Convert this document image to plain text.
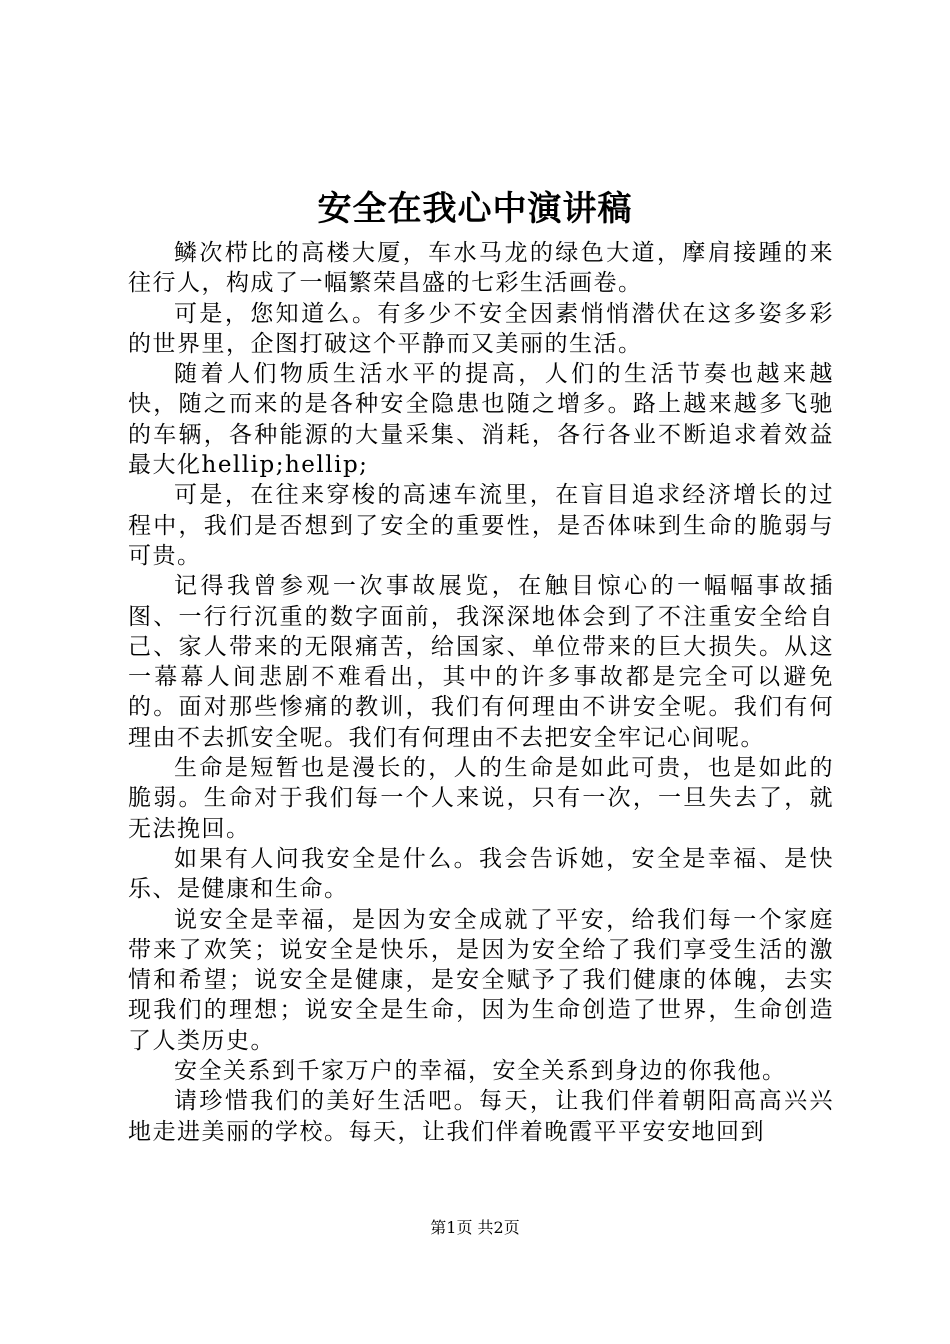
安全在我心中演讲稿

鳞次栉比的高楼大厦，车水马龙的绿色大道，摩肩接踵的来往行人，构成了一幅繁荣昌盛的七彩生活画卷。

可是，您知道么。有多少不安全因素悄悄潜伏在这多姿多彩的世界里，企图打破这个平静而又美丽的生活。

随着人们物质生活水平的提高，人们的生活节奏也越来越快，随之而来的是各种安全隐患也随之增多。路上越来越多飞驰的车辆，各种能源的大量采集、消耗，各行各业不断追求着效益最大化hellip;hellip;

可是，在往来穿梭的高速车流里，在盲目追求经济增长的过程中，我们是否想到了安全的重要性，是否体味到生命的脆弱与可贵。

记得我曾参观一次事故展览，在触目惊心的一幅幅事故插图、一行行沉重的数字面前，我深深地体会到了不注重安全给自己、家人带来的无限痛苦，给国家、单位带来的巨大损失。从这一幕幕人间悲剧不难看出，其中的许多事故都是完全可以避免的。面对那些惨痛的教训，我们有何理由不讲安全呢。我们有何理由不去抓安全呢。我们有何理由不去把安全牢记心间呢。

生命是短暂也是漫长的，人的生命是如此可贵，也是如此的脆弱。生命对于我们每一个人来说，只有一次，一旦失去了，就无法挽回。

如果有人问我安全是什么。我会告诉她，安全是幸福、是快乐、是健康和生命。

说安全是幸福，是因为安全成就了平安，给我们每一个家庭带来了欢笑；说安全是快乐，是因为安全给了我们享受生活的激情和希望；说安全是健康，是安全赋予了我们健康的体魄，去实现我们的理想；说安全是生命，因为生命创造了世界，生命创造了人类历史。

安全关系到千家万户的幸福，安全关系到身边的你我他。

请珍惜我们的美好生活吧。每天，让我们伴着朝阳高高兴兴地走进美丽的学校。每天，让我们伴着晚霞平平安安地回到

第1页 共2页
